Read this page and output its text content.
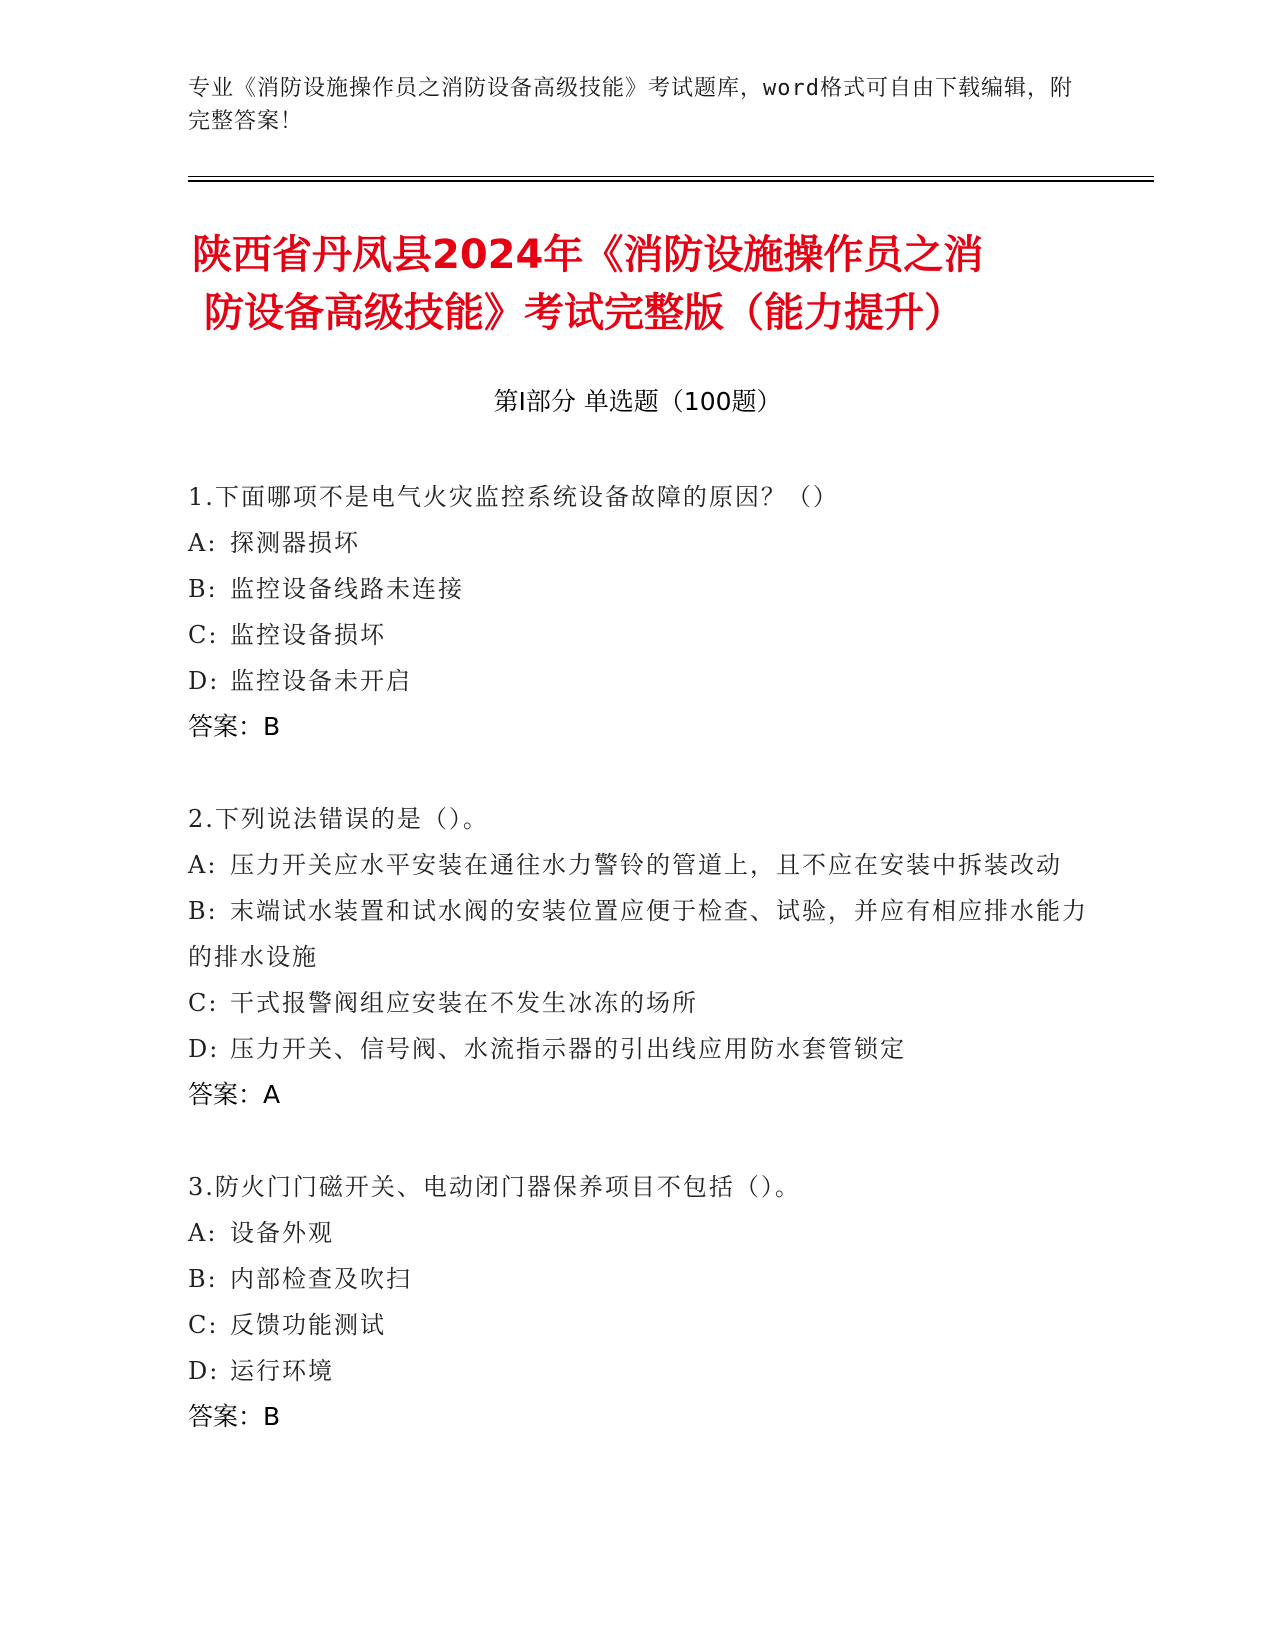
专业《消防设施操作员之消防设备高级技能》考试题库，word格式可自由下载编辑，附完整答案！
陕西省丹凤县2024年《消防设施操作员之消
防设备高级技能》考试完整版（能力提升）
第Ⅰ部分 单选题（100题）

1.下面哪项不是电气火灾监控系统设备故障的原因？（）

A: 探测器损坏

B: 监控设备线路未连接

C: 监控设备损坏

D: 监控设备未开启

答案：B

2.下列说法错误的是（）。

A: 压力开关应水平安装在通往水力警铃的管道上，且不应在安装中拆装改动

B: 末端试水装置和试水阀的安装位置应便于检查、试验，并应有相应排水能力的排水设施

C: 干式报警阀组应安装在不发生冰冻的场所

D: 压力开关、信号阀、水流指示器的引出线应用防水套管锁定

答案：A

3.防火门门磁开关、电动闭门器保养项目不包括（）。

A: 设备外观

B: 内部检查及吹扫

C: 反馈功能测试

D: 运行环境

答案：B
